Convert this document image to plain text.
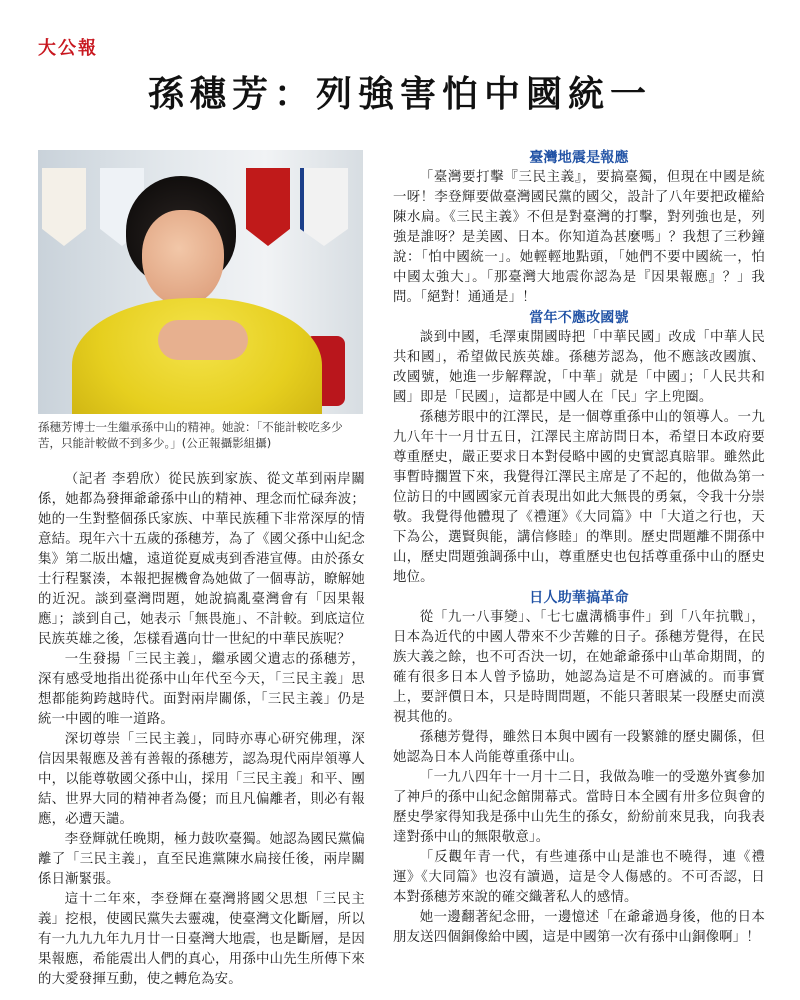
大公報
孫穗芳：列強害怕中國統一
孫穗芳博士一生繼承孫中山的精神。她說：「不能計較吃多少苦，只能計較做不到多少。」(公正報攝影組攝)

（記者 李碧欣）從民族到家族、從文革到兩岸關係，她都為發揮爺爺孫中山的精神、理念而忙碌奔波；她的一生對整個孫氏家族、中華民族種下非常深厚的情意結。現年六十五歲的孫穗芳，為了《國父孫中山紀念集》第二版出爐，遠道從夏威夷到香港宣傳。由於孫女士行程緊湊，本報把握機會為她做了一個專訪，瞭解她的近況。談到臺灣問題，她說搞亂臺灣會有「因果報應」；談到自己，她表示「無畏施」、不計較。到底這位民族英雄之後，怎樣看邁向廿一世紀的中華民族呢？

一生發揚「三民主義」，繼承國父遺志的孫穗芳，深有感受地指出從孫中山年代至今天，「三民主義」思想都能夠跨越時代。面對兩岸關係，「三民主義」仍是統一中國的唯一道路。

深切尊崇「三民主義」，同時亦專心研究佛理，深信因果報應及善有善報的孫穗芳，認為現代兩岸領導人中，以能尊敬國父孫中山，採用「三民主義」和平、團結、世界大同的精神者為優；而且凡偏離者，則必有報應，必遭天譴。

李登輝就任晚期，極力鼓吹臺獨。她認為國民黨偏離了「三民主義」，直至民進黨陳水扁接任後，兩岸關係日漸緊張。

這十二年來，李登輝在臺灣將國父思想「三民主義」挖根，使國民黨失去靈魂，使臺灣文化斷層，所以有一九九九年九月廿一日臺灣大地震，也是斷層，是因果報應，希能震出人們的真心，用孫中山先生所傳下來的大愛發揮互動，使之轉危為安。

臺灣地震是報應

「臺灣要打擊『三民主義』，要搞臺獨，但現在中國是統一呀！李登輝要做臺灣國民黨的國父，設計了八年要把政權給陳水扁。《三民主義》不但是對臺灣的打擊，對列強也是，列強是誰呀？是美國、日本。你知道為甚麼嗎」？我想了三秒鐘說：「怕中國統一」。她輕輕地點頭，「她們不要中國統一，怕中國太強大」。「那臺灣大地震你認為是『因果報應』？」我問。「絕對！通通是」！

當年不應改國號

談到中國，毛澤東開國時把「中華民國」改成「中華人民共和國」，希望做民族英雄。孫穗芳認為，他不應該改國旗、改國號，她進一步解釋說，「中華」就是「中國」；「人民共和國」即是「民國」，這都是中國人在「民」字上兜圈。

孫穗芳眼中的江澤民，是一個尊重孫中山的領導人。一九九八年十一月廿五日，江澤民主席訪問日本，希望日本政府要尊重歷史，嚴正要求日本對侵略中國的史實認真賠罪。雖然此事暫時擱置下來，我覺得江澤民主席是了不起的，他做為第一位訪日的中國國家元首表現出如此大無畏的勇氣，令我十分崇敬。我覺得他體現了《禮運》《大同篇》中「大道之行也，天下為公，選賢與能，講信修睦」的準則。歷史問題離不開孫中山，歷史問題強調孫中山，尊重歷史也包括尊重孫中山的歷史地位。

日人助華搞革命

從「九一八事變」、「七七盧溝橋事件」到「八年抗戰」，日本為近代的中國人帶來不少苦難的日子。孫穗芳覺得，在民族大義之餘，也不可否決一切，在她爺爺孫中山革命期間，的確有很多日本人曾予協助，她認為這是不可磨滅的。而事實上，要評價日本，只是時間問題，不能只著眼某一段歷史而漠視其他的。

孫穗芳覺得，雖然日本與中國有一段繁雜的歷史關係，但她認為日本人尚能尊重孫中山。

「一九八四年十一月十二日，我做為唯一的受邀外賓參加了神戶的孫中山紀念館開幕式。當時日本全國有卅多位與會的歷史學家得知我是孫中山先生的孫女，紛紛前來見我，向我表達對孫中山的無限敬意」。

「反觀年青一代，有些連孫中山是誰也不曉得，連《禮運》《大同篇》也沒有讀過，這是令人傷感的。不可否認，日本對孫穗芳來說的確交織著私人的感情。

她一邊翻著紀念冊，一邊憶述「在爺爺過身後，他的日本朋友送四個銅像給中國，這是中國第一次有孫中山銅像啊」！
